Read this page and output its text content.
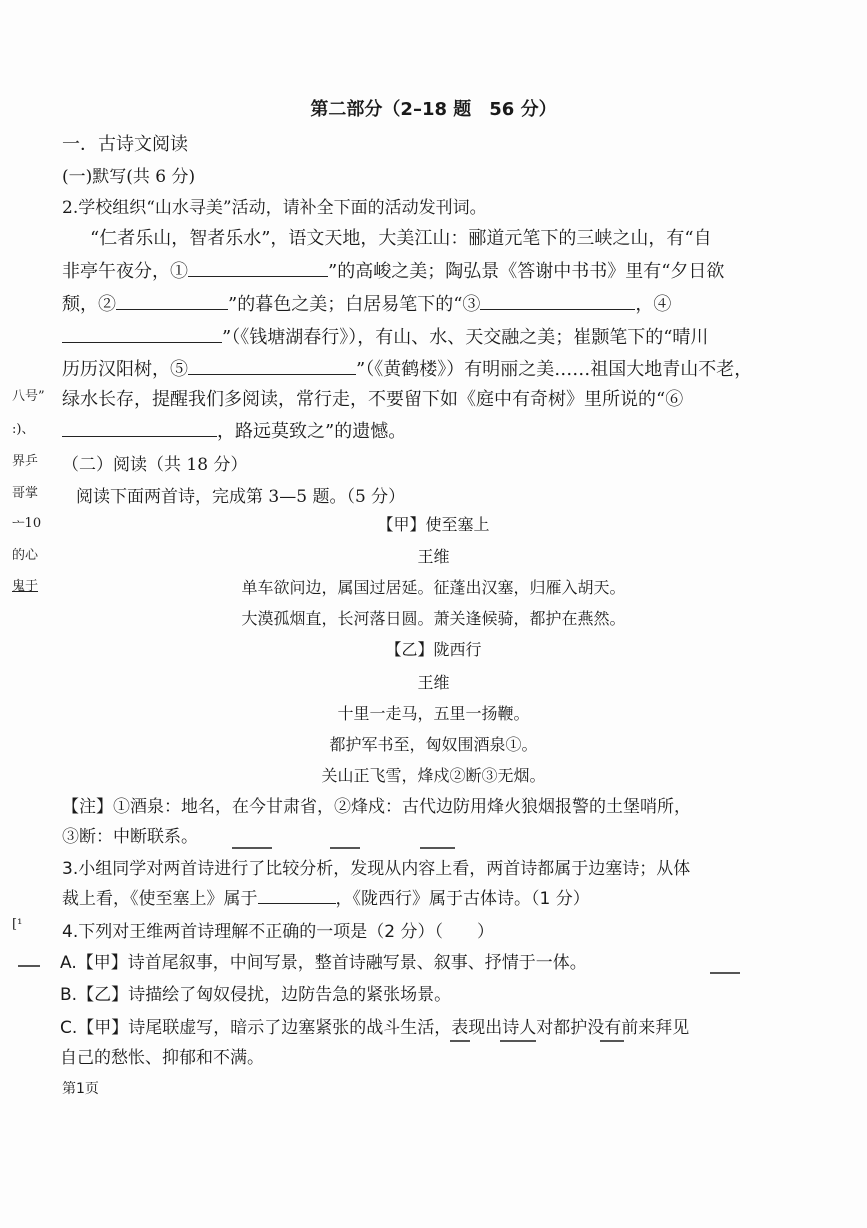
第二部分（2–18 题　56 分）
一．古诗文阅读
(一)默写(共 6 分)
2.学校组织“山水寻美”活动，请补全下面的活动发刊词。
“仁者乐山，智者乐水”，语文天地，大美江山：郦道元笔下的三峡之山，有“自
非亭午夜分，①	”的高峻之美；陶弘景《答谢中书书》里有“夕日欲
颓，②	”的暮色之美；白居易笔下的“③	，④
”（《钱塘湖春行》），有山、水、天交融之美；崔颢笔下的“晴川
历历汉阳树，⑤	”（《黄鹤楼》）有明丽之美……祖国大地青山不老，
绿水长存，提醒我们多阅读，常行走，不要留下如《庭中有奇树》里所说的“⑥
，路远莫致之”的遗憾。
（二）阅读（共 18 分）
阅读下面两首诗，完成第 3—5 题。（5 分）
【甲】使至塞上
王维
单车欲问边，属国过居延。征蓬出汉塞，归雁入胡天。
大漠孤烟直，长河落日圆。萧关逢候骑，都护在燕然。
【乙】陇西行
王维
十里一走马，五里一扬鞭。
都护军书至，匈奴围酒泉①。
关山正飞雪，烽戍②断③无烟。
【注】①酒泉：地名，在今甘肃省，②烽戍：古代边防用烽火狼烟报警的土堡哨所，
③断：中断联系。
3.小组同学对两首诗进行了比较分析，发现从内容上看，两首诗都属于边塞诗；从体
裁上看，《使至塞上》属于	，《陇西行》属于古体诗。（1 分）
4.下列对王维两首诗理解不正确的一项是（2 分）（　　）
A.【甲】诗首尾叙事，中间写景，整首诗融写景、叙事、抒情于一体。
B.【乙】诗描绘了匈奴侵扰，边防告急的紧张场景。
C.【甲】诗尾联虚写，暗示了边塞紧张的战斗生活，表现出诗人对都护没有前来拜见
自己的愁怅、抑郁和不满。
八号”
:)、
界乒
哥掌
ᅩ10
的心
鬼于
[¹
第1页
